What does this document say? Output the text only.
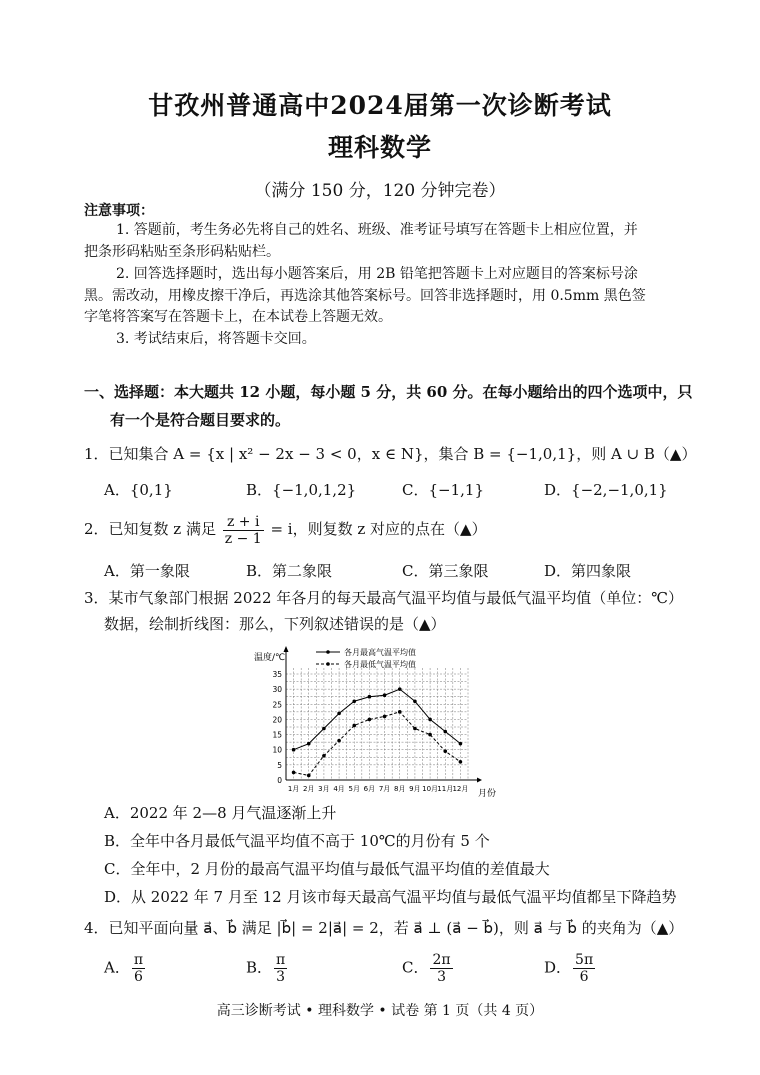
甘孜州普通高中2024届第一次诊断考试
理科数学
（满分 150 分，120 分钟完卷）
注意事项：
1. 答题前，考生务必先将自己的姓名、班级、准考证号填写在答题卡上相应位置，并
把条形码粘贴至条形码粘贴栏。
2. 回答选择题时，选出每小题答案后，用 2B 铅笔把答题卡上对应题目的答案标号涂
黑。需改动，用橡皮擦干净后，再选涂其他答案标号。回答非选择题时，用 0.5mm 黑色签
字笔将答案写在答题卡上，在本试卷上答题无效。
3. 考试结束后，将答题卡交回。
一、选择题：本大题共 12 小题，每小题 5 分，共 60 分。在每小题给出的四个选项中，只
有一个是符合题目要求的。
1．已知集合 A = {x | x² − 2x − 3 < 0，x ∈ N}，集合 B = {−1,0,1}，则 A ∪ B（▲）
A．{0,1}	B．{−1,0,1,2}	C．{−1,1}	D．{−2,−1,0,1}
2．已知复数 z 满足 $\frac{z + i}{z - 1} = i$，则复数 z 对应的点在（▲）
A．第一象限	B．第二象限	C．第三象限	D．第四象限
3．某市气象部门根据 2022 年各月的每天最高气温平均值与最低气温平均值（单位：℃）
数据，绘制折线图：那么，下列叙述错误的是（▲）
0
5
10
15
20
25
30
35
1月 2月 3月 4月 5月 6月 7月 8月 9月 10月 11月 12月
各月最高气温平均值
各月最低气温平均值
温度/℃
月份
A．2022 年 2—8 月气温逐渐上升
B．全年中各月最低气温平均值不高于 10℃的月份有 5 个
C．全年中，2 月份的最高气温平均值与最低气温平均值的差值最大
D．从 2022 年 7 月至 12 月该市每天最高气温平均值与最低气温平均值都呈下降趋势
4．已知平面向量 a⃗、b⃗ 满足 |b⃗| = 2|a⃗| = 2，若 a⃗ ⊥ (a⃗ − b⃗)，则 a⃗ 与 b⃗ 的夹角为（▲）
A． $\frac{\pi}{6}$	B． $\frac{\pi}{3}$	C． $\frac{2\pi}{3}$	D． $\frac{5\pi}{6}$
高三诊断考试 • 理科数学 • 试卷 第 1 页（共 4 页）
